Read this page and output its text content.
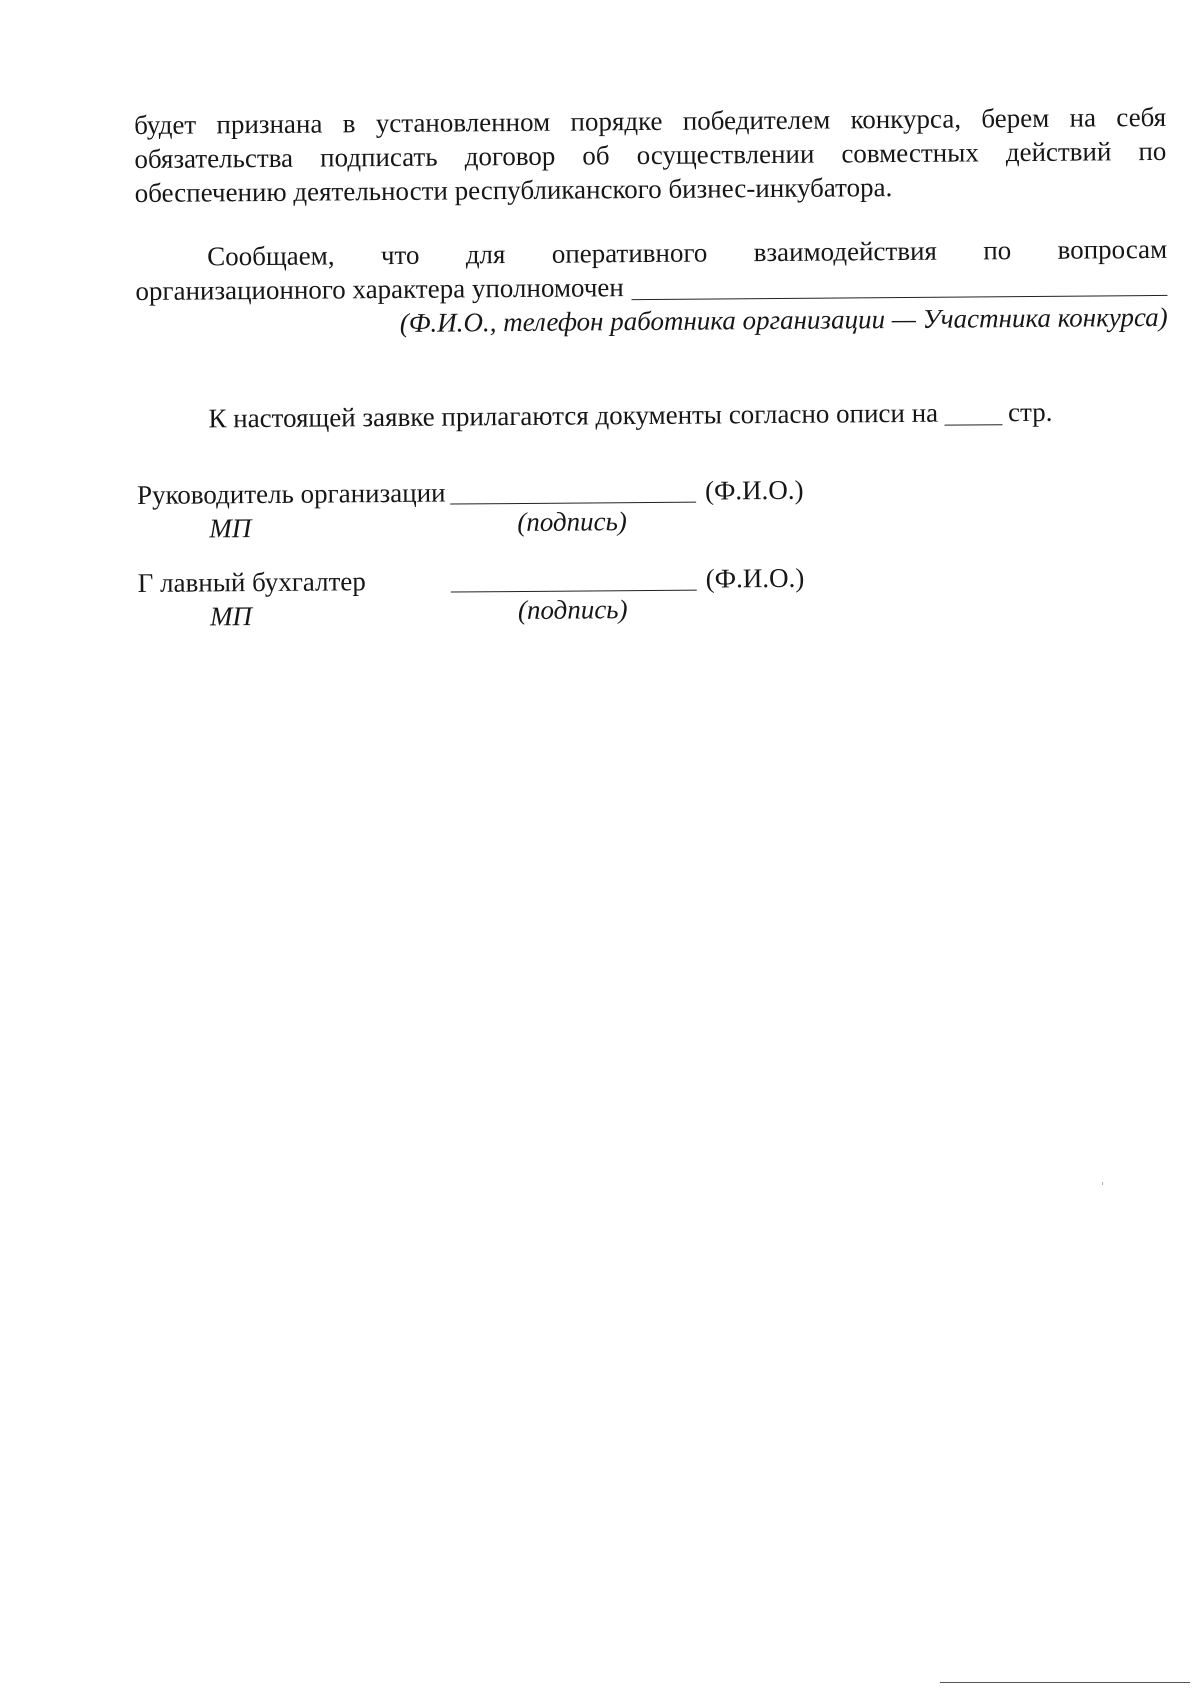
будет признана в установленном порядке победителем конкурса, берем на себя
обязательства подписать договор об осуществлении совместных действий по
обеспечению деятельности республиканского бизнес-инкубатора.
Сообщаем, что для оперативного взаимодействия по вопросам
организационного характера уполномочен
(Ф.И.О., телефон работника организации — Участника конкурса)
К настоящей заявке прилагаются документы согласно описи на	стр.
Руководитель организации	(Ф.И.О.)
МП	(подпись)
Г лавный бухгалтер	(Ф.И.О.)
МП	(подпись)
